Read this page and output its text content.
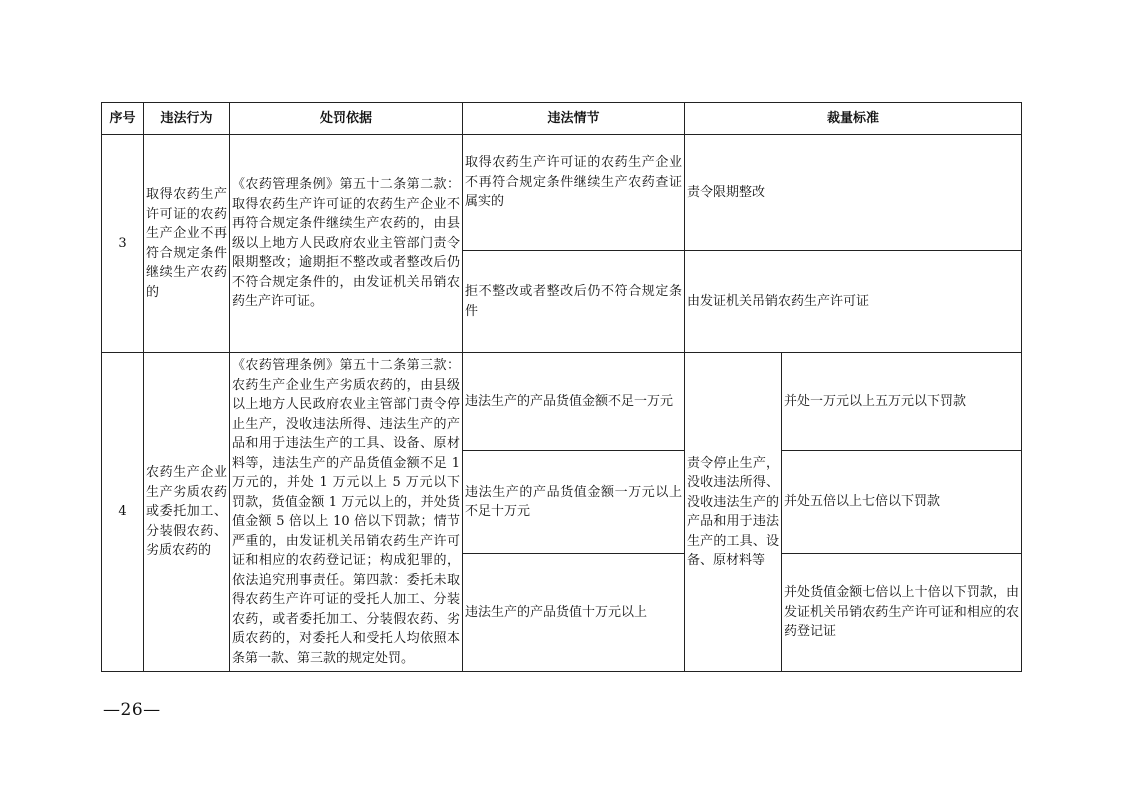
序号	违法行为	处罚依据	违法情节	裁量标准	
3	取得农药生产许可证的农药生产企业不再符合规定条件继续生产农药的	《农药管理条例》第五十二条第二款：取得农药生产许可证的农药生产企业不再符合规定条件继续生产农药的，由县级以上地方人民政府农业主管部门责令限期整改；逾期拒不整改或者整改后仍不符合规定条件的，由发证机关吊销农药生产许可证。	取得农药生产许可证的农药生产企业不再符合规定条件继续生产农药查证属实的	责令限期整改	
			拒不整改或者整改后仍不符合规定条件	由发证机关吊销农药生产许可证	
4	农药生产企业生产劣质农药或委托加工、分装假农药、劣质农药的	《农药管理条例》第五十二条第三款：农药生产企业生产劣质农药的，由县级以上地方人民政府农业主管部门责令停止生产，没收违法所得、违法生产的产品和用于违法生产的工具、设备、原材料等，违法生产的产品货值金额不足 1 万元的，并处 1 万元以上 5 万元以下罚款，货值金额 1 万元以上的，并处货值金额 5 倍以上 10 倍以下罚款；情节严重的，由发证机关吊销农药生产许可证和相应的农药登记证；构成犯罪的，依法追究刑事责任。第四款：委托未取得农药生产许可证的受托人加工、分装农药，或者委托加工、分装假农药、劣质农药的，对委托人和受托人均依照本条第一款、第三款的规定处罚。	违法生产的产品货值金额不足一万元	责令停止生产，没收违法所得、没收违法生产的产品和用于违法生产的工具、设备、原材料等	并处一万元以上五万元以下罚款
			违法生产的产品货值金额一万元以上不足十万元		并处五倍以上七倍以下罚款
			违法生产的产品货值十万元以上		并处货值金额七倍以上十倍以下罚款，由发证机关吊销农药生产许可证和相应的农药登记证
—26—
